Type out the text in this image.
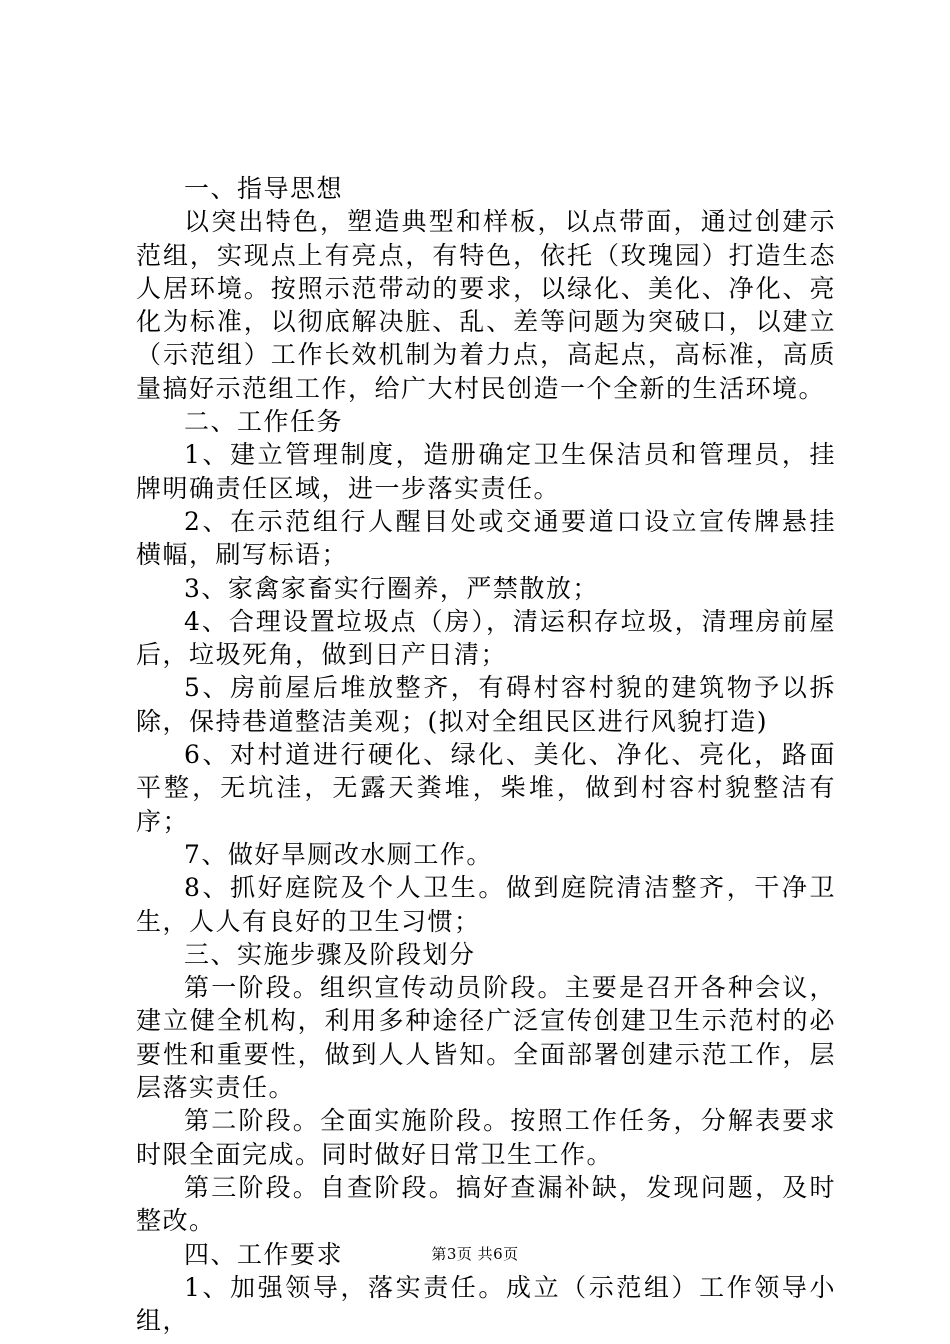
一、指导思想

以突出特色，塑造典型和样板，以点带面，通过创建示范组，实现点上有亮点，有特色，依托（玫瑰园）打造生态人居环境。按照示范带动的要求，以绿化、美化、净化、亮化为标准，以彻底解决脏、乱、差等问题为突破口，以建立（示范组）工作长效机制为着力点，高起点，高标准，高质量搞好示范组工作，给广大村民创造一个全新的生活环境。

二、工作任务

1、建立管理制度，造册确定卫生保洁员和管理员，挂牌明确责任区域，进一步落实责任。

2、在示范组行人醒目处或交通要道口设立宣传牌悬挂横幅，刷写标语；

3、家禽家畜实行圈养，严禁散放；

4、合理设置垃圾点（房），清运积存垃圾，清理房前屋后，垃圾死角，做到日产日清；

5、房前屋后堆放整齐，有碍村容村貌的建筑物予以拆除，保持巷道整洁美观；(拟对全组民区进行风貌打造)

6、对村道进行硬化、绿化、美化、净化、亮化，路面平整，无坑洼，无露天粪堆，柴堆，做到村容村貌整洁有序；

7、做好旱厕改水厕工作。

8、抓好庭院及个人卫生。做到庭院清洁整齐，干净卫生，人人有良好的卫生习惯；

三、实施步骤及阶段划分

第一阶段。组织宣传动员阶段。主要是召开各种会议，建立健全机构，利用多种途径广泛宣传创建卫生示范村的必要性和重要性，做到人人皆知。全面部署创建示范工作，层层落实责任。

第二阶段。全面实施阶段。按照工作任务，分解表要求时限全面完成。同时做好日常卫生工作。

第三阶段。自查阶段。搞好查漏补缺，发现问题，及时整改。

四、工作要求

1、加强领导，落实责任。成立（示范组）工作领导小组，

第3页 共6页
